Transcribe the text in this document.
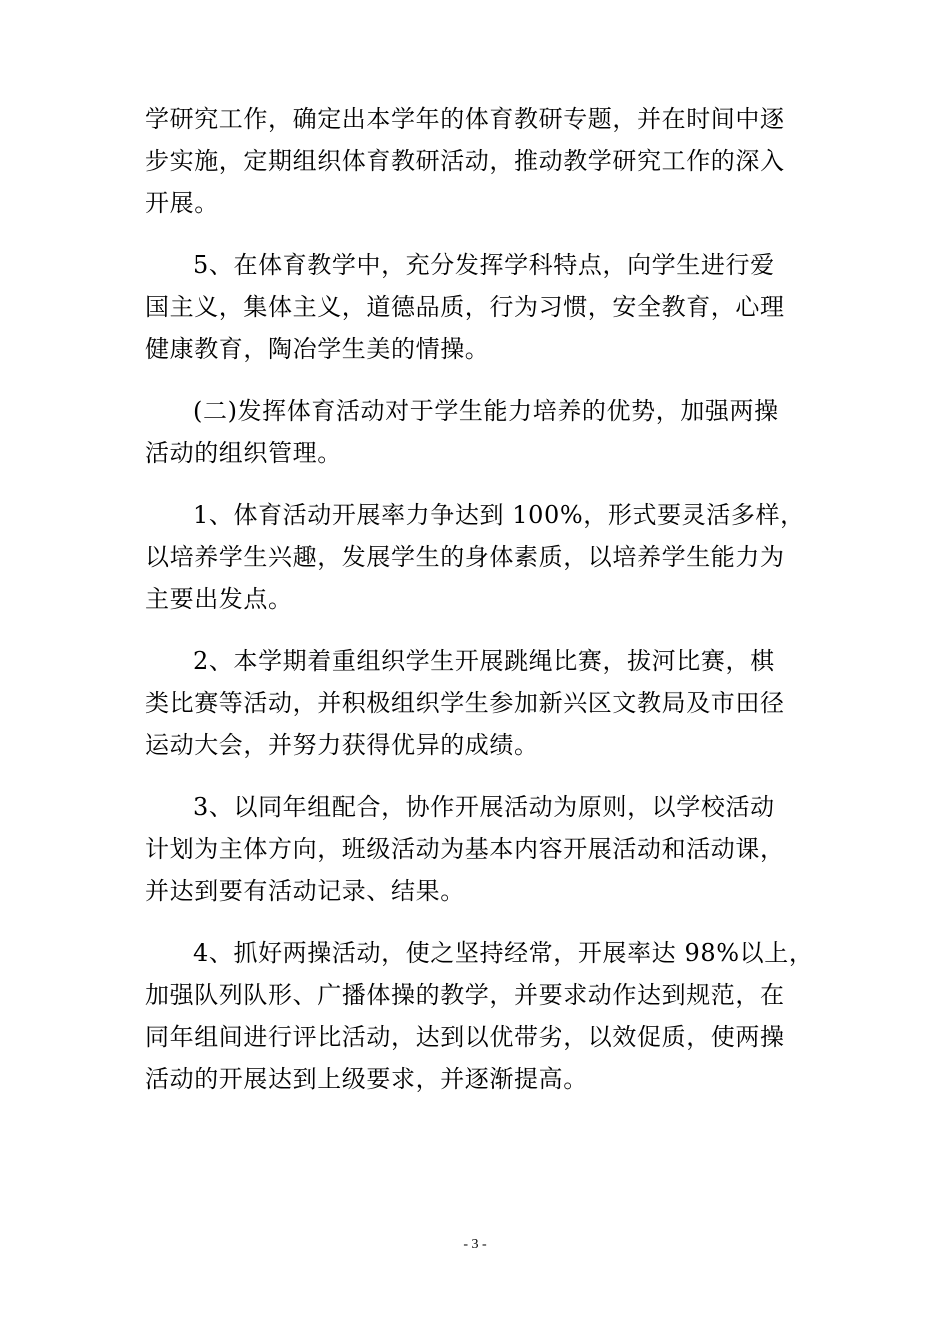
学研究工作，确定出本学年的体育教研专题，并在时间中逐
步实施，定期组织体育教研活动，推动教学研究工作的深入
开展。
5、在体育教学中，充分发挥学科特点，向学生进行爱
国主义，集体主义，道德品质，行为习惯，安全教育，心理
健康教育，陶冶学生美的情操。
(二)发挥体育活动对于学生能力培养的优势，加强两操
活动的组织管理。
1、体育活动开展率力争达到 100%，形式要灵活多样，
以培养学生兴趣，发展学生的身体素质，以培养学生能力为
主要出发点。
2、本学期着重组织学生开展跳绳比赛，拔河比赛，棋
类比赛等活动，并积极组织学生参加新兴区文教局及市田径
运动大会，并努力获得优异的成绩。
3、以同年组配合，协作开展活动为原则，以学校活动
计划为主体方向，班级活动为基本内容开展活动和活动课，
并达到要有活动记录、结果。
4、抓好两操活动，使之坚持经常，开展率达 98%以上，
加强队列队形、广播体操的教学，并要求动作达到规范，在
同年组间进行评比活动，达到以优带劣，以效促质，使两操
活动的开展达到上级要求，并逐渐提高。
- 3 -
